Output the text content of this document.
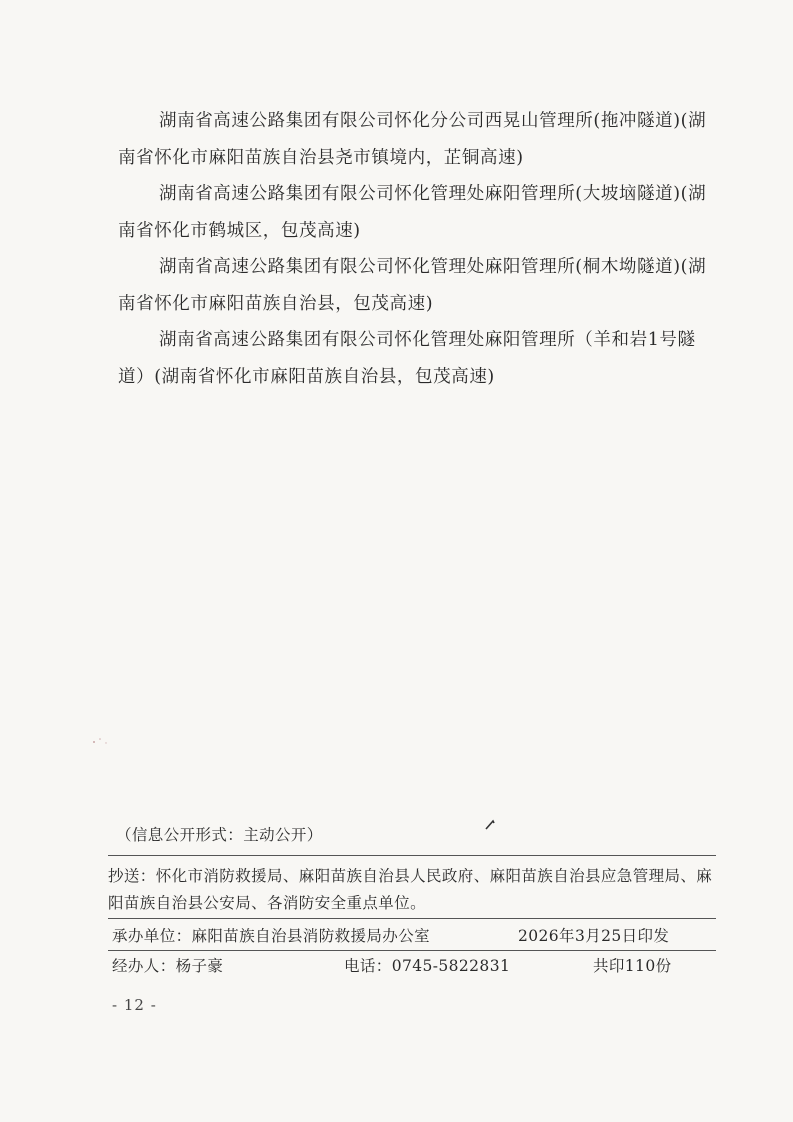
湖南省高速公路集团有限公司怀化分公司西晃山管理所(拖冲隧道)(湖南省怀化市麻阳苗族自治县尧市镇境内，芷铜高速)

湖南省高速公路集团有限公司怀化管理处麻阳管理所(大坡垴隧道)(湖南省怀化市鹤城区，包茂高速)

湖南省高速公路集团有限公司怀化管理处麻阳管理所(桐木坳隧道)(湖南省怀化市麻阳苗族自治县，包茂高速)

湖南省高速公路集团有限公司怀化管理处麻阳管理所（羊和岩1号隧道）(湖南省怀化市麻阳苗族自治县，包茂高速)

（信息公开形式：主动公开）
抄送：怀化市消防救援局、麻阳苗族自治县人民政府、麻阳苗族自治县应急管理局、麻阳苗族自治县公安局、各消防安全重点单位。
承办单位：麻阳苗族自治县消防救援局办公室	2026年3月25日印发
经办人：杨子豪	电话：0745-5822831	共印110份
- 12 -
